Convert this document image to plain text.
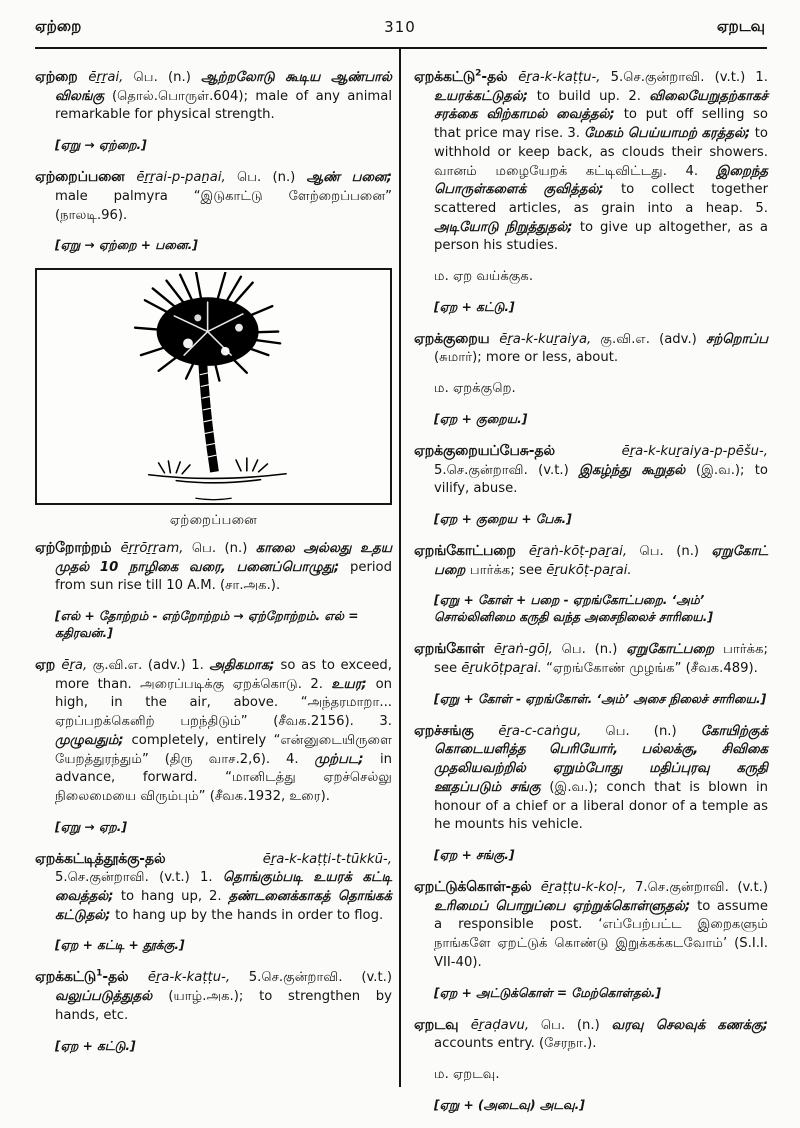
ஏற்றை	310	ஏறடவு

ஏற்றை ēṟṟai, பெ. (n.) ஆற்றலோடு கூடிய ஆண்பால் விலங்கு (தொல்.பொருள்.604); male of any animal remarkable for physical strength.

[ஏறு → ஏற்றை.]

ஏற்றைப்பனை ēṟṟai-p-paṉai, பெ. (n.) ஆண் பனை; male palmyra “இடுகாட்டு ளேற்றைப்பனை” (நாலடி.96).

[ஏறு → ஏற்றை + பனை.]

ஏற்றைப்பனை

ஏற்றோற்றம் ēṟṟōṟṟam, பெ. (n.) காலை அல்லது உதய முதல் 10 நாழிகை வரை, பனைப்பொழுது; period from sun rise till 10 A.M. (சா.அக.).

[எல் + தோற்றம் - எற்றோற்றம் → ஏற்றோற்றம். எல் = கதிரவன்.]

ஏற ēṟa, கு.வி.எ. (adv.) 1. அதிகமாக; so as to exceed, more than. அரைப்படிக்கு ஏறக்கொடு. 2. உயர; on high, in the air, above. “அந்தரமாறா... ஏறப்பறக்கெனிற் பறந்திடும்” (சீவக.2156). 3. முழுவதும்; completely, entirely “என்னுடையிருளை யேறத்துரந்தும்” (திரு வாச.2,6). 4. முற்பட; in advance, forward. “மானிடத்து ஏறச்செல்லு நிலைமையை விரும்பும்” (சீவக.1932, உரை).

[ஏறு → ஏற.]

ஏறக்கட்டித்தூக்கு-தல் ēṟa-k-kaṭṭi-t-tūkkū-, 5.செ.குன்றாவி. (v.t.) 1. தொங்கும்படி உயரக் கட்டி வைத்தல்; to hang up, 2. தண்டனைக்காகத் தொங்கக் கட்டுதல்; to hang up by the hands in order to flog.

[ஏற + கட்டி + தூக்கு.]

ஏறக்கட்டு$^1$-தல் ēṟa-k-kaṭṭu-, 5.செ.குன்றாவி. (v.t.) வலுப்படுத்துதல் (யாழ்.அக.); to strengthen by hands, etc.

[ஏற + கட்டு.]

ஏறக்கட்டு$^2$-தல் ēṟa-k-kaṭṭu-, 5.செ.குன்றாவி. (v.t.) 1. உயரக்கட்டுதல்; to build up. 2. விலையேறுதற்காகச் சரக்கை விற்காமல் வைத்தல்; to put off selling so that price may rise. 3. மேகம் பெய்யாமற் கரத்தல்; to withhold or keep back, as clouds their showers. வானம் மழையேறக் கட்டிவிட்டது. 4. இறைந்த பொருள்களைக் குவித்தல்; to collect together scattered articles, as grain into a heap. 5. அடியோடு நிறுத்துதல்; to give up altogether, as a person his studies.

ம. ஏற வய்க்குக.

[ஏற + கட்டு.]

ஏறக்குறைய ēṟa-k-kuṟaiya, கு.வி.எ. (adv.) சற்றொப்ப (சுமார்); more or less, about.

ம. ஏறக்குறெ.

[ஏற + குறைய.]

ஏறக்குறையப்பேசு-தல் ēṟa-k-kuṟaiya-p-pēšu-, 5.செ.குன்றாவி. (v.t.) இகழ்ந்து கூறுதல் (இ.வ.); to vilify, abuse.

[ஏற + குறைய + பேசு.]

ஏறங்கோட்பறை ēṟaṅ-kōṭ-paṟai, பெ. (n.) ஏறுகோட் பறை பார்க்க; see ēṟukōṭ-paṟai.

[ஏறு + கோள் + பறை - ஏறங்கோட்பறை. ‘அம்’ சொல்லினிமை கருதி வந்த அசைநிலைச் சாரியை.]

ஏறங்கோள் ēṟaṅ-gōḷ, பெ. (n.) ஏறுகோட்பறை பார்க்க; see ēṟukōṭpaṟai. “ஏறங்கோண் முழங்க” (சீவக.489).

[ஏறு + கோள் - ஏறங்கோள். ‘அம்’ அசை நிலைச் சாரியை.]

ஏறச்சங்கு ēṟa-c-caṅgu, பெ. (n.) கோயிற்குக் கொடையளித்த பெரியோர், பல்லக்கு, சிவிகை முதலியவற்றில் ஏறும்போது மதிப்புரவு கருதி ஊதப்படும் சங்கு (இ.வ.); conch that is blown in honour of a chief or a liberal donor of a temple as he mounts his vehicle.

[ஏற + சங்கு.]

ஏறட்டுக்கொள்-தல் ēṟaṭṭu-k-koḷ-, 7.செ.குன்றாவி. (v.t.) உரிமைப் பொறுப்பை ஏற்றுக்கொள்ளுதல்; to assume a responsible post. ‘எப்பேற்பட்ட இறைகளும் நாங்களே ஏறட்டுக் கொண்டு இறுக்கக்கடவோம்’ (S.I.I. VII-40).

[ஏற + அட்டுக்கொள் = மேற்கொள்தல்.]

ஏறடவு ēṟaḍavu, பெ. (n.) வரவு செலவுக் கணக்கு; accounts entry. (சேரநா.).

ம. ஏறடவு.

[ஏறு + (அடைவு) அடவு.]
